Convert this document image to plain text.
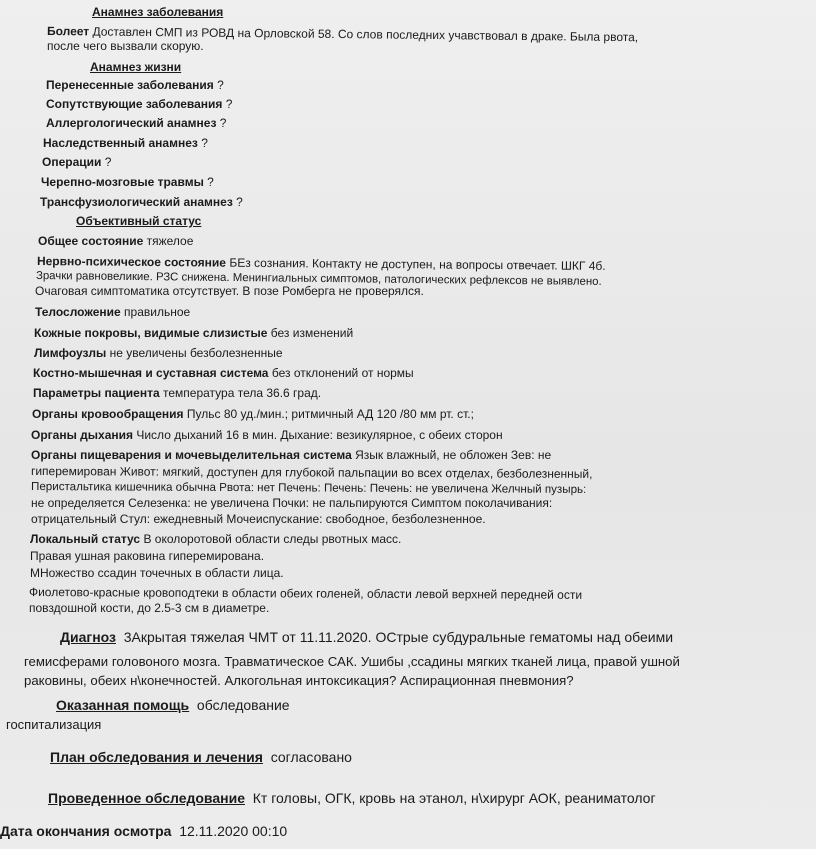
Анамнез заболевания
Болеет Доставлен СМП из РОВД на Орловской 58. Со слов последних учавствовал в драке. Была рвота,
после чего вызвали скорую.
Анамнез жизни
Перенесенные заболевания ?
Сопутствующие заболевания ?
Аллергологический анамнез ?
Наследственный анамнез ?
Операции ?
Черепно-мозговые травмы ?
Трансфузиологический анамнез ?
Объективный статус
Общее состояние тяжелое
Нервно-психическое состояние БЕз сознания. Контакту не доступен, на вопросы отвечает. ШКГ 4б.
Зрачки равновеликие. РЗС снижена. Менингиальных симптомов, патологических рефлексов не выявлено.
Очаговая симптоматика отсутствует. В позе Ромберга не проверялся.
Телосложение правильное
Кожные покровы, видимые слизистые без изменений
Лимфоузлы не увеличены безболезненные
Костно-мышечная и суставная система без отклонений от нормы
Параметры пациента температура тела 36.6 град.
Органы кровообращения Пульс 80 уд./мин.; ритмичный АД 120 /80 мм рт. ст.;
Органы дыхания Число дыханий 16 в мин. Дыхание: везикулярное, с обеих сторон
Органы пищеварения и мочевыделительная система Язык влажный, не обложен Зев: не
гиперемирован Живот: мягкий, доступен для глубокой пальпации во всех отделах, безболезненный,
Перистальтика кишечника обычна Рвота: нет Печень: Печень: Печень: не увеличена Желчный пузырь:
не определяется Селезенка: не увеличена Почки: не пальпируются Симптом поколачивания:
отрицательный Стул: ежедневный Мочеиспускание: свободное, безболезненное.
Локальный статус В околоротовой области следы рвотных масс.
Правая ушная раковина гиперемирована.
МНожество ссадин точечных в области лица.
Фиолетово-красные кровоподтеки в области обеих голеней, области левой верхней передней ости
повздошной кости, до 2.5-3 см в диаметре.
Диагноз 3Акрытая тяжелая ЧМТ от 11.11.2020. ОСтрые субдуральные гематомы над обеими
гемисферами головоного мозга. Травматическое САК. Ушибы ,ссадины мягких тканей лица, правой ушной
раковины, обеих н\конечностей. Алкогольная интоксикация? Аспирационная пневмония?
Оказанная помощь обследование
госпитализация
План обследования и лечения согласовано
Проведенное обследование Кт головы, ОГК, кровь на этанол, н\хирург АОК, реаниматолог
Дата окончания осмотра 12.11.2020 00:10
